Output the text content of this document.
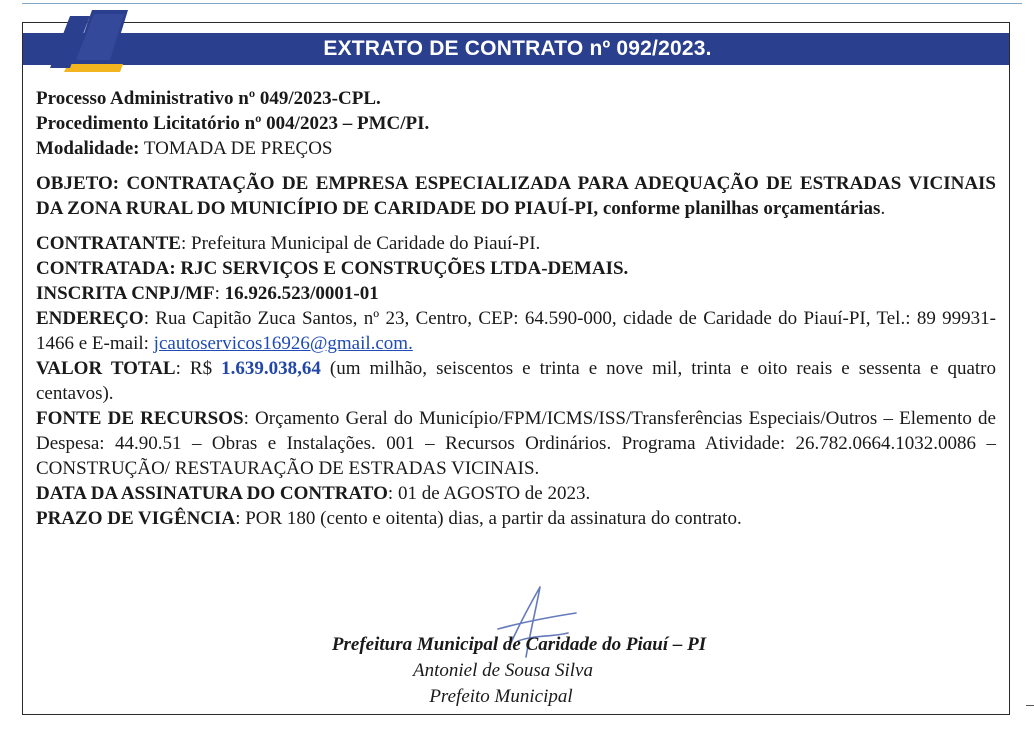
EXTRATO DE CONTRATO nº 092/2023.

Processo Administrativo nº 049/2023-CPL.

Procedimento Licitatório nº 004/2023 – PMC/PI.

Modalidade: TOMADA DE PREÇOS

OBJETO: CONTRATAÇÃO DE EMPRESA ESPECIALIZADA PARA ADEQUAÇÃO DE ESTRADAS VICINAIS DA ZONA RURAL DO MUNICÍPIO DE CARIDADE DO PIAUÍ-PI, conforme planilhas orçamentárias.

CONTRATANTE: Prefeitura Municipal de Caridade do Piauí-PI.

CONTRATADA: RJC SERVIÇOS E CONSTRUÇÕES LTDA-DEMAIS.

INSCRITA CNPJ/MF: 16.926.523/0001-01

ENDEREÇO: Rua Capitão Zuca Santos, nº 23, Centro, CEP: 64.590-000, cidade de Caridade do Piauí-PI, Tel.: 89 99931-1466 e E-mail: jcautoservicos16926@gmail.com.

VALOR TOTAL: R$ 1.639.038,64 (um milhão, seiscentos e trinta e nove mil, trinta e oito reais e sessenta e quatro centavos).

FONTE DE RECURSOS: Orçamento Geral do Município/FPM/ICMS/ISS/Transferências Especiais/Outros – Elemento de Despesa: 44.90.51 – Obras e Instalações. 001 – Recursos Ordinários. Programa Atividade: 26.782.0664.1032.0086 – CONSTRUÇÃO/ RESTAURAÇÃO DE ESTRADAS VICINAIS.

DATA DA ASSINATURA DO CONTRATO: 01 de AGOSTO de 2023.

PRAZO DE VIGÊNCIA: POR 180 (cento e oitenta) dias, a partir da assinatura do contrato.

Prefeitura Municipal de Caridade do Piauí – PI
Antoniel de Sousa Silva
Prefeito Municipal
